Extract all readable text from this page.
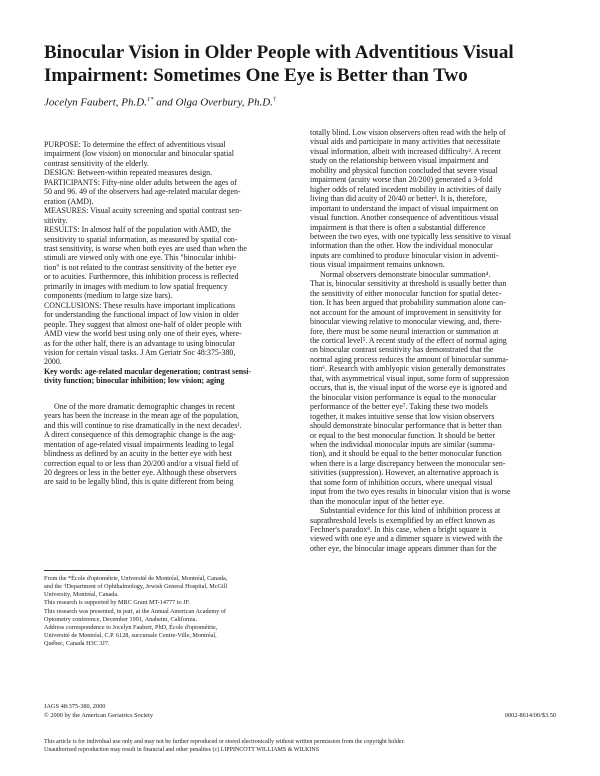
Binocular Vision in Older People with Adventitious Visual
Impairment: Sometimes One Eye is Better than Two
Jocelyn Faubert, Ph.D.$^{1*}$ and Olga Overbury, Ph.D.†
PURPOSE: To determine the effect of adventitious visual
impairment (low vision) on monocular and binocular spatial
contrast sensitivity of the elderly.
DESIGN: Between-within repeated measures design.
PARTICIPANTS: Fifty-nine older adults between the ages of
50 and 96. 49 of the observers had age-related macular degen-
eration (AMD).
MEASURES: Visual acuity screening and spatial contrast sen-
sitivity.
RESULTS: In almost half of the population with AMD, the
sensitivity to spatial information, as measured by spatial con-
trast sensitivity, is worse when both eyes are used than when the
stimuli are viewed only with one eye. This "binocular inhibi-
tion" is not related to the contrast sensitivity of the better eye
or to acuities. Furthermore, this inhibition process is reflected
primarily in images with medium to low spatial frequency
components (medium to large size bars).
CONCLUSIONS: These results have important implications
for understanding the functional impact of low vision in older
people. They suggest that almost one-half of older people with
AMD view the world best using only one of their eyes, where-
as for the other half, there is an advantage to using binocular
vision for certain visual tasks. J Am Geriatr Soc 48:375-380,
2000.
Key words: age-related macular degeneration; contrast sensi-
tivity function; binocular inhibition; low vision; aging
One of the more dramatic demographic changes in recent
years has been the increase in the mean age of the population,
and this will continue to rise dramatically in the next decades¹.
A direct consequence of this demographic change is the aug-
mentation of age-related visual impairments leading to legal
blindness as defined by an acuity in the better eye with best
correction equal to or less than 20/200 and/or a visual field of
20 degrees or less in the better eye. Although these observers
are said to be legally blind, this is quite different from being
totally blind. Low vision observers often read with the help of
visual aids and participate in many activities that necessitate
visual information, albeit with increased difficulty². A recent
study on the relationship between visual impairment and
mobility and physical function concluded that severe visual
impairment (acuity worse than 20/200) generated a 3-fold
higher odds of related incedent mobility in activities of daily
living than did acuity of 20/40 or better³. It is, therefore,
important to understand the impact of visual impairment on
visual function. Another consequence of adventitious visual
impairment is that there is often a substantial difference
between the two eyes, with one typically less sensitive to visual
information than the other. How the individual monocular
inputs are combined to produce binocular vision in adventi-
tious visual impairment remains unknown.
Normal observers demonstrate binocular summation⁴.
That is, binocular sensitivity at threshold is usually better than
the sensitivity of either monocular function for spatial detec-
tion. It has been argued that probability summation alone can-
not account for the amount of improvement in sensitivity for
binocular viewing relative to monocular viewing, and, there-
fore, there must be some neural interaction or summation at
the cortical level⁵. A recent study of the effect of normal aging
on binocular contrast sensitivity has demonstrated that the
normal aging process reduces the amount of binocular summa-
tion⁶. Research with amblyopic vision generally demonstrates
that, with asymmetrical visual input, some form of suppression
occurs, that is, the visual input of the worse eye is ignored and
the binocular vision performance is equal to the monocular
performance of the better eye⁷. Taking these two models
together, it makes intuitive sense that low vision observers
should demonstrate binocular performance that is better than
or equal to the best monocular function. It should be better
when the individual monocular inputs are similar (summa-
tion), and it should be equal to the better monocular function
when there is a large discrepancy between the monocular sen-
sitivities (suppression). However, an alternative approach is
that some form of inhibition occurs, where unequal visual
input from the two eyes results in binocular vision that is worse
than the monocular input of the better eye.
Substantial evidence for this kind of inhibition process at
suprathreshold levels is exemplified by an effect known as
Fechner's paradox⁸. In this case, when a bright square is
viewed with one eye and a dimmer square is viewed with the
other eye, the binocular image appears dimmer than for the
From the *École d'optométrie, Université de Montréal, Montréal, Canada,
and the †Department of Ophthalmology, Jewish General Hospital, McGill
University, Montréal, Canada.
This research is supported by MRC Grant MT-14777 to JF.
This research was presented, in part, at the Annual American Academy of
Optometry conference, December 1991, Anaheim, California.
Address correspondence to Jocelyn Faubert, PhD, École d'optométrie,
Université de Montréal, C.P. 6128, succursale Centre-Ville, Montréal,
Québec, Canada H3C 3J7.
JAGS 48:375-380, 2000
© 2000 by the American Geriatrics Society	0002-8614/00/$3.50
This article is for individual use only and may not be further reproduced or stored electronically without written permission from the copyright holder.
Unauthorized reproduction may result in financial and other penalties (c) LIPPINCOTT WILLIAMS & WILKINS
